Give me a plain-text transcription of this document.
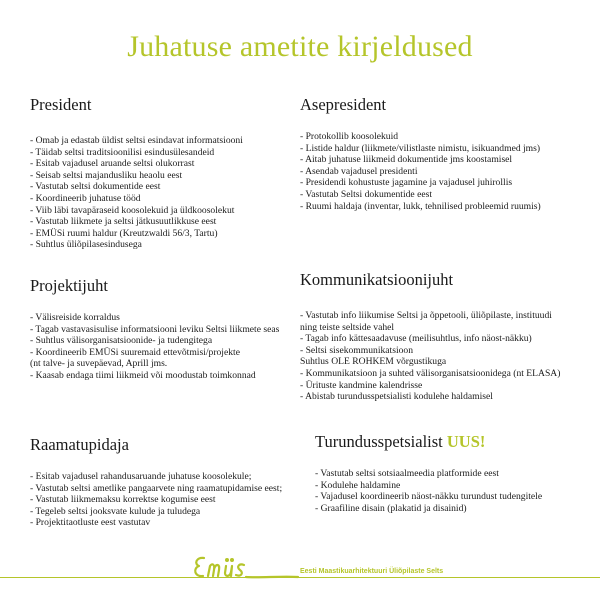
Juhatuse ametite kirjeldused
President
- Omab ja edastab üldist seltsi esindavat informatsiooni
- Täidab seltsi traditsioonilisi esindusülesandeid
- Esitab vajadusel aruande seltsi olukorrast
- Seisab seltsi majandusliku heaolu eest
- Vastutab seltsi dokumentide eest
- Koordineerib juhatuse tööd
- Viib läbi tavapäraseid koosolekuid ja üldkoosolekut
- Vastutab liikmete ja seltsi jätkusuutlikkuse eest
- EMÜSi ruumi haldur (Kreutzwaldi 56/3, Tartu)
- Suhtlus üliõpilasesindusega
Asepresident
- Protokollib koosolekuid
- Listide haldur (liikmete/vilistlaste nimistu, isikuandmed jms)
- Aitab juhatuse liikmeid dokumentide jms koostamisel
- Asendab vajadusel presidenti
- Presidendi kohustuste jagamine ja vajadusel juhirollis
- Vastutab Seltsi dokumentide eest
- Ruumi haldaja (inventar, lukk, tehnilised probleemid ruumis)
Projektijuht
- Välisreiside korraldus
- Tagab vastavasisulise informatsiooni leviku Seltsi liikmete seas
- Suhtlus välisorganisatsioonide- ja tudengitega
- Koordineerib EMÜSi suuremaid ettevõtmisi/projekte
(nt talve- ja suvepäevad, Aprill jms.
- Kaasab endaga tiimi liikmeid või moodustab toimkonnad
Kommunikatsioonijuht
- Vastutab info liikumise Seltsi ja õppetooli, üliõpilaste, instituudi
ning teiste seltside vahel
- Tagab info kättesaadavuse (meilisuhtlus, info näost-näkku)
- Seltsi sisekommunikatsioon
Suhtlus OLE ROHKEM võrgustikuga
- Kommunikatsioon ja suhted välisorganisatsioonidega (nt ELASA)
- Ürituste kandmine kalendrisse
- Abistab turundusspetsialisti kodulehe haldamisel
Raamatupidaja
- Esitab vajadusel rahandusaruande juhatuse koosolekule;
- Vastutab seltsi ametlike pangaarvete ning raamatupidamise eest;
- Vastutab liikmemaksu korrektse kogumise eest
- Tegeleb seltsi jooksvate kulude ja tuludega
- Projektitaotluste eest vastutav
Turundusspetsialist UUS!
- Vastutab seltsi sotsiaalmeedia platformide eest
- Kodulehe haldamine
- Vajadusel koordineerib näost-näkku turundust tudengitele
- Graafiline disain (plakatid ja disainid)
Eesti Maastikuarhitektuuri Üliõpilaste Selts
